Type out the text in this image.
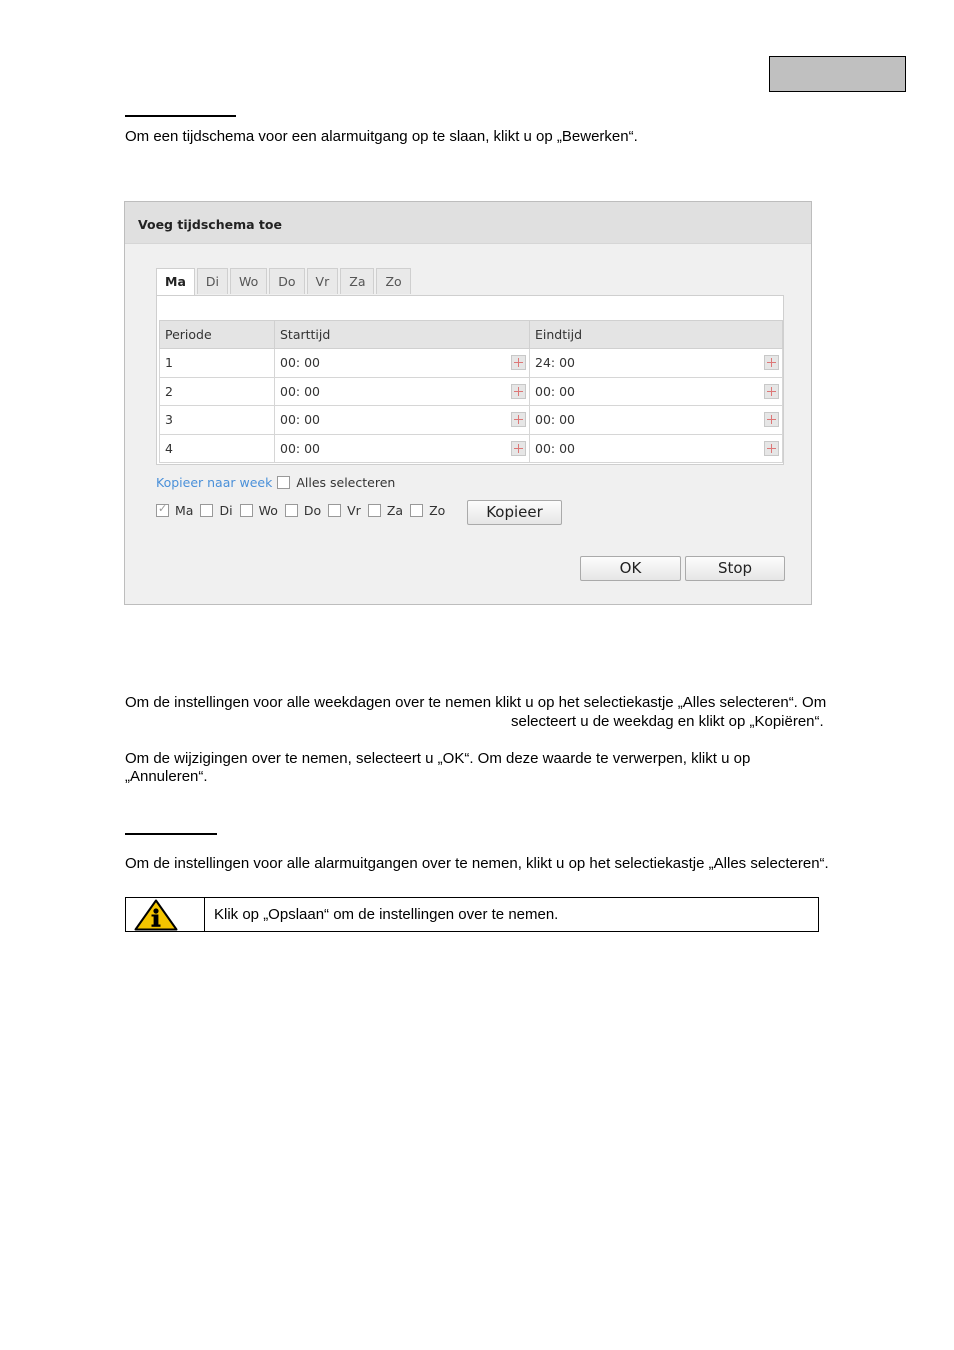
Om een tijdschema voor een alarmuitgang op te slaan, klikt u op „Bewerken“.

Voeg tijdschema toe
Ma	Di	Wo	Do	Vr	Za	Zo
Periode	Starttijd	Eindtijd
1	00: 00	24: 00

2	00: 00	00: 00

3	00: 00	00: 00

4	00: 00	00: 00
Kopieer naar week Alles selecteren
✓
Ma Di Wo Do Vr Za Zo	Kopieer
OK	Stop

Om de instellingen voor alle weekdagen over te nemen klikt u op het selectiekastje „Alles selecteren“. Om

selecteert u de weekdag en klikt op „Kopiëren“.

Om de wijzigingen over te nemen, selecteert u „OK“. Om deze waarde te verwerpen, klikt u op

„Annuleren“.

Om de instellingen voor alle alarmuitgangen over te nemen, klikt u op het selectiekastje „Alles selecteren“.

Klik op „Opslaan“ om de instellingen over te nemen.
